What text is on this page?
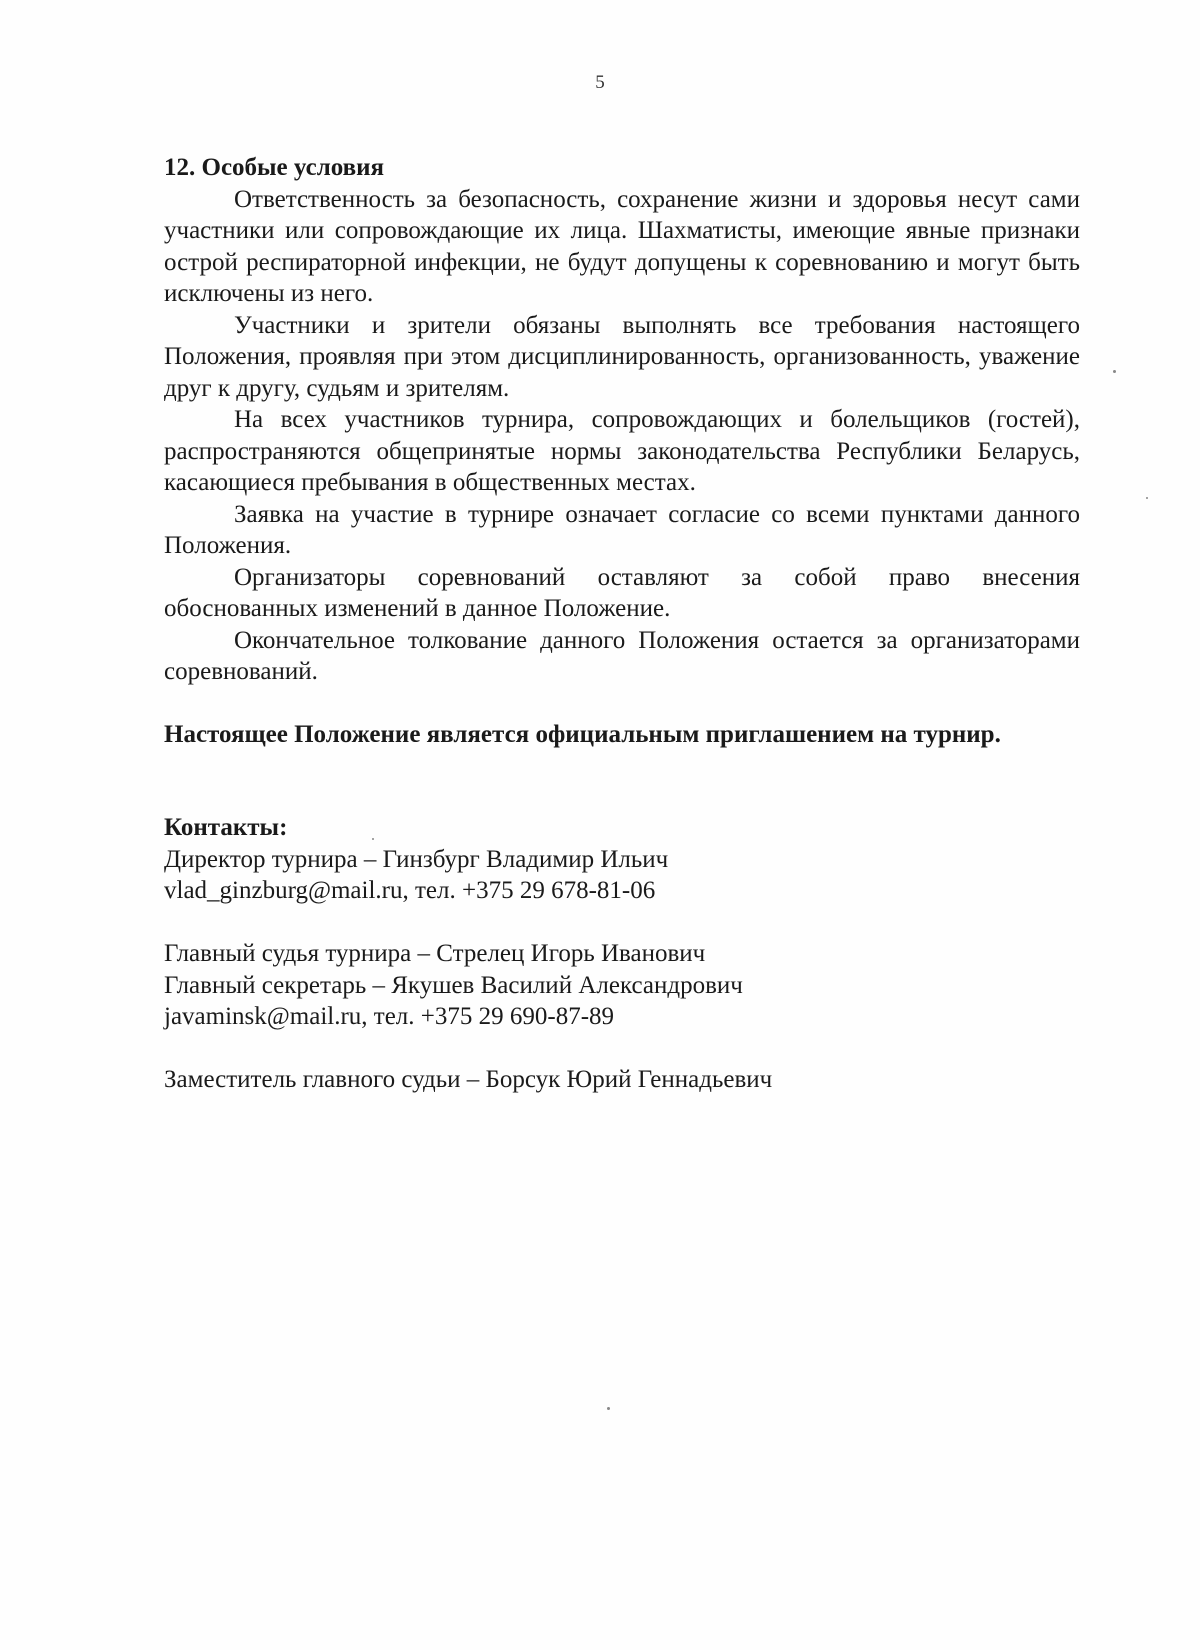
5

12. Особые условия

Ответственность за безопасность, сохранение жизни и здоровья несут сами участники или сопровождающие их лица. Шахматисты, имеющие явные признаки острой респираторной инфекции, не будут допущены к соревнованию и могут быть исключены из него.

Участники и зрители обязаны выполнять все требования настоящего Положения, проявляя при этом дисциплинированность, организованность, уважение друг к другу, судьям и зрителям.

На всех участников турнира, сопровождающих и болельщиков (гостей), распространяются общепринятые нормы законодательства Республики Беларусь, касающиеся пребывания в общественных местах.

Заявка на участие в турнире означает согласие со всеми пунктами данного Положения.

Организаторы соревнований оставляют за собой право внесения обоснованных изменений в данное Положение.

Окончательное толкование данного Положения остается за организаторами соревнований.

Настоящее Положение является официальным приглашением на турнир.

Контакты:

Директор турнира – Гинзбург Владимир Ильич

vlad_ginzburg@mail.ru, тел. +375 29 678-81-06

Главный судья турнира – Стрелец Игорь Иванович

Главный секретарь – Якушев Василий Александрович

javaminsk@mail.ru, тел. +375 29 690-87-89

Заместитель главного судьи – Борсук Юрий Геннадьевич
